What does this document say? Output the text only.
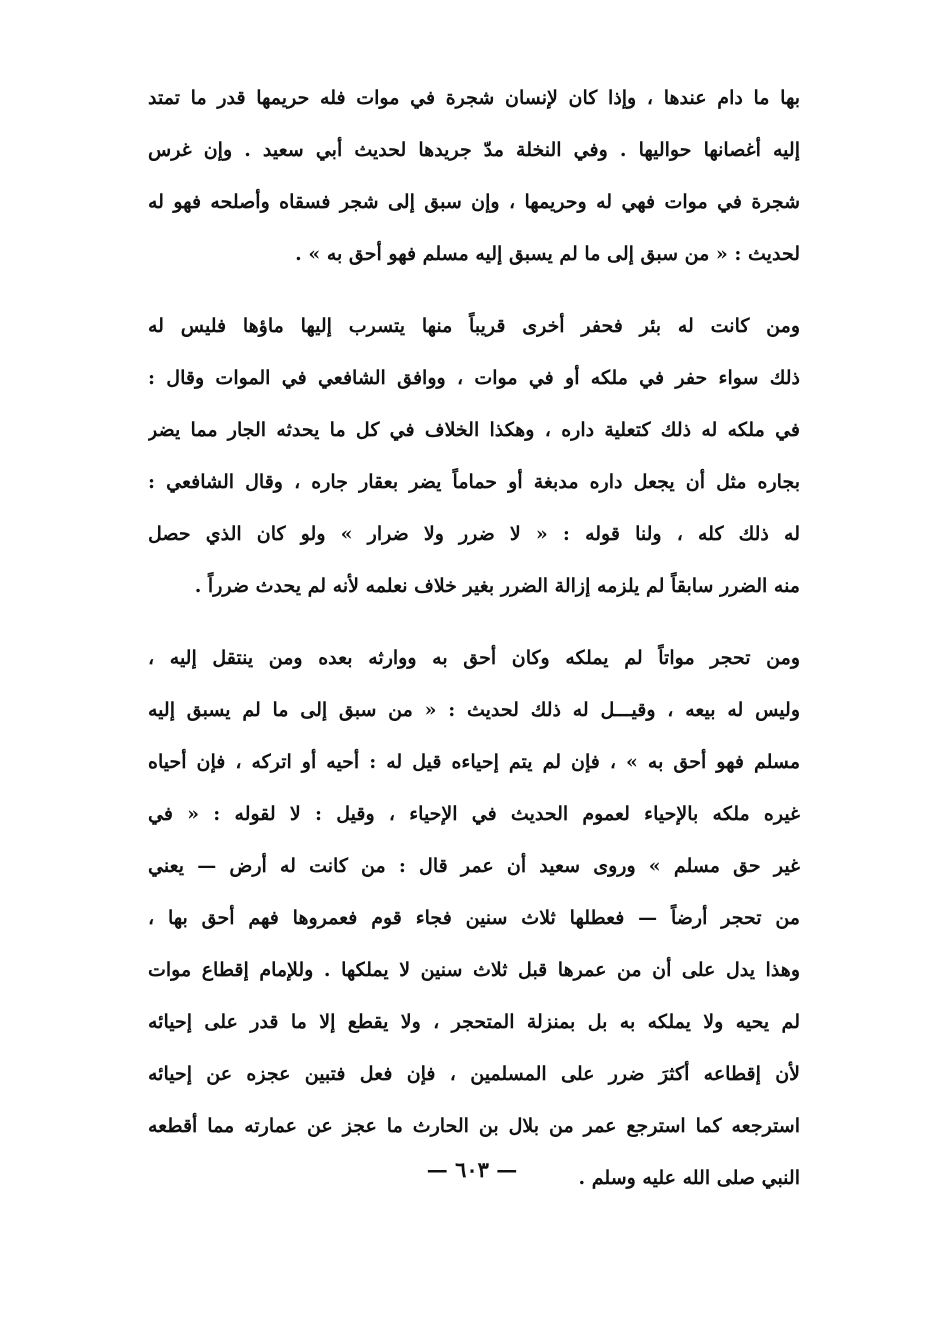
بها ما دام عندها ، وإذا كان لإنسان شجرة في موات فله حريمها قدر ما تمتد
إليه أغصانها حواليها . وفي النخلة مدّ جريدها لحديث أبي سعيد . وإن غرس
شجرة في موات فهي له وحريمها ، وإن سبق إلى شجر فسقاه وأصلحه فهو له
لحديث : « من سبق إلى ما لم يسبق إليه مسلم فهو أحق به » .
ومن كانت له بئر فحفر أخرى قريباً منها يتسرب إليها ماؤها فليس له
ذلك سواء حفر في ملكه أو في موات ، ووافق الشافعي في الموات وقال :
في ملكه له ذلك كتعلية داره ، وهكذا الخلاف في كل ما يحدثه الجار مما يضر
بجاره مثل أن يجعل داره مدبغة أو حماماً يضر بعقار جاره ، وقال الشافعي :
له ذلك كله ، ولنا قوله : « لا ضرر ولا ضرار » ولو كان الذي حصل
منه الضرر سابقاً لم يلزمه إزالة الضرر بغير خلاف نعلمه لأنه لم يحدث ضرراً .
ومن تحجر مواتاً لم يملكه وكان أحق به ووارثه بعده ومن ينتقل إليه ،
وليس له بيعه ، وقيـــل له ذلك لحديث : « من سبق إلى ما لم يسبق إليه
مسلم فهو أحق به » ، فإن لم يتم إحياءه قيل له : أحيه أو اتركه ، فإن أحياه
غيره ملكه بالإحياء لعموم الحديث في الإحياء ، وقيل : لا لقوله : « في
غير حق مسلم » وروى سعيد أن عمر قال : من كانت له أرض — يعني
من تحجر أرضاً — فعطلها ثلاث سنين فجاء قوم فعمروها فهم أحق بها ،
وهذا يدل على أن من عمرها قبل ثلاث سنين لا يملكها . وللإمام إقطاع موات
لم يحيه ولا يملكه به بل بمنزلة المتحجر ، ولا يقطع إلا ما قدر على إحيائه
لأن إقطاعه أكثرَ ضرر على المسلمين ، فإن فعل فتبين عجزه عن إحيائه
استرجعه كما استرجع عمر من بلال بن الحارث ما عجز عن عمارته مما أقطعه
النبي صلى الله عليه وسلم .
— ٦٠٣ —
